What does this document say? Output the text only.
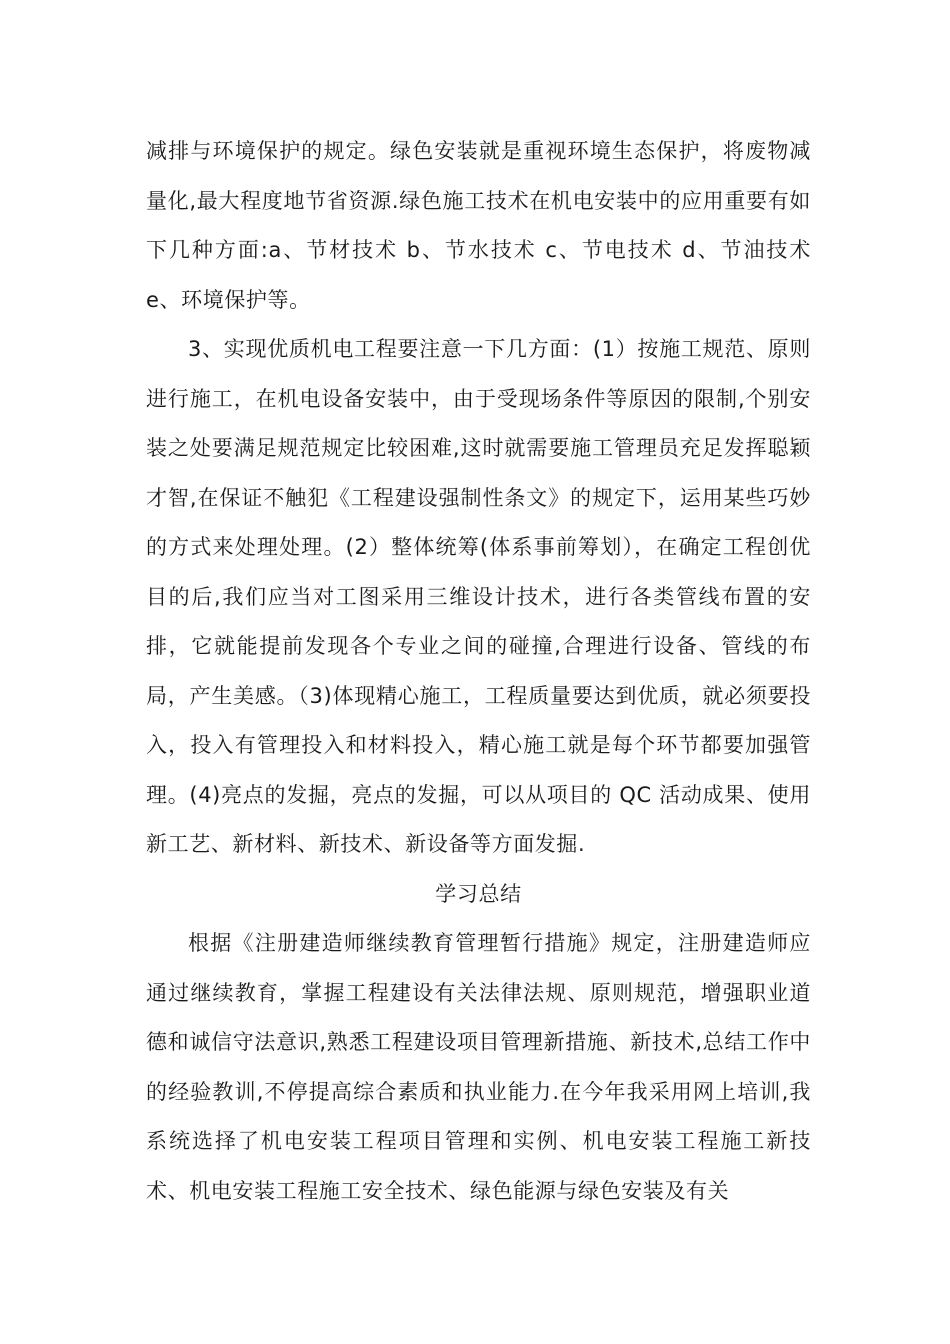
减排与环境保护的规定。绿色安装就是重视环境生态保护，将废物减量化,最大程度地节省资源.绿色施工技术在机电安装中的应用重要有如下几种方面:a、节材技术 b、节水技术 c、节电技术 d、节油技术 e、环境保护等。

3、实现优质机电工程要注意一下几方面：(1）按施工规范、原则进行施工，在机电设备安装中，由于受现场条件等原因的限制,个别安装之处要满足规范规定比较困难,这时就需要施工管理员充足发挥聪颖才智,在保证不触犯《工程建设强制性条文》的规定下，运用某些巧妙的方式来处理处理。(2）整体统筹(体系事前筹划），在确定工程创优目的后,我们应当对工图采用三维设计技术，进行各类管线布置的安排，它就能提前发现各个专业之间的碰撞,合理进行设备、管线的布局，产生美感。（3)体现精心施工，工程质量要达到优质，就必须要投入，投入有管理投入和材料投入，精心施工就是每个环节都要加强管理。(4)亮点的发掘，亮点的发掘，可以从项目的 QC 活动成果、使用新工艺、新材料、新技术、新设备等方面发掘.

学习总结

根据《注册建造师继续教育管理暂行措施》规定，注册建造师应通过继续教育，掌握工程建设有关法律法规、原则规范，增强职业道德和诚信守法意识,熟悉工程建设项目管理新措施、新技术,总结工作中的经验教训,不停提高综合素质和执业能力.在今年我采用网上培训,我系统选择了机电安装工程项目管理和实例、机电安装工程施工新技术、机电安装工程施工安全技术、绿色能源与绿色安装及有关
